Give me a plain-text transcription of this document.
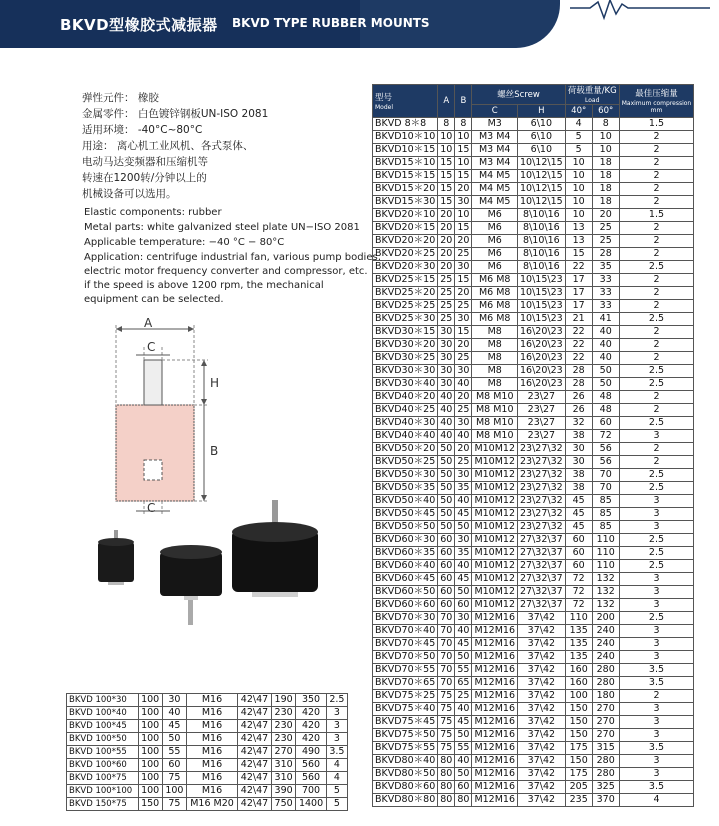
BKVD型橡胶式减振器 BKVD TYPE RUBBER MOUNTS
弹性元件： 橡胶
金属零件： 白色镀锌钢板UN-ISO 2081
适用环境： -40°C~80°C
用途： 离心机工业风机、各式泵体、
电动马达变频器和压缩机等
转速在1200转/分钟以上的
机械设备可以选用。
Elastic components: rubber
Metal parts: white galvanized steel plate UN−ISO 2081
Applicable temperature: −40 °C − 80°C
Application: centrifuge industrial fan, various pump bodies,
electric motor frequency converter and compressor, etc.
if the speed is above 1200 rpm, the mechanical
equipment can be selected.
A
C
H
B
C
型号
Model	A	B	螺丝Screw		荷载重量/KG
Load		最佳压缩量
Maximum compression
mm

			C	H	40°	60°	
BKVD 8＊8	8	8	M3	6\10	4	8	1.5
BKVD10＊10	10	10	M3 M4	6\10	5	10	2
BKVD10＊15	10	15	M3 M4	6\10	5	10	2
BKVD15＊10	15	10	M3 M4	10\12\15	10	18	2
BKVD15＊15	15	15	M4 M5	10\12\15	10	18	2
BKVD15＊20	15	20	M4 M5	10\12\15	10	18	2
BKVD15＊30	15	30	M4 M5	10\12\15	10	18	2
BKVD20＊10	20	10	M6	8\10\16	10	20	1.5
BKVD20＊15	20	15	M6	8\10\16	13	25	2
BKVD20＊20	20	20	M6	8\10\16	13	25	2
BKVD20＊25	20	25	M6	8\10\16	15	28	2
BKVD20＊30	20	30	M6	8\10\16	22	35	2.5
BKVD25＊15	25	15	M6 M8	10\15\23	17	33	2
BKVD25＊20	25	20	M6 M8	10\15\23	17	33	2
BKVD25＊25	25	25	M6 M8	10\15\23	17	33	2
BKVD25＊30	25	30	M6 M8	10\15\23	21	41	2.5
BKVD30＊15	30	15	M8	16\20\23	22	40	2
BKVD30＊20	30	20	M8	16\20\23	22	40	2
BKVD30＊25	30	25	M8	16\20\23	22	40	2
BKVD30＊30	30	30	M8	16\20\23	28	50	2.5
BKVD30＊40	30	40	M8	16\20\23	28	50	2.5
BKVD40＊20	40	20	M8 M10	23\27	26	48	2
BKVD40＊25	40	25	M8 M10	23\27	26	48	2
BKVD40＊30	40	30	M8 M10	23\27	32	60	2.5
BKVD40＊40	40	40	M8 M10	23\27	38	72	3
BKVD50＊20	50	20	M10M12	23\27\32	30	56	2
BKVD50＊25	50	25	M10M12	23\27\32	30	56	2
BKVD50＊30	50	30	M10M12	23\27\32	38	70	2.5
BKVD50＊35	50	35	M10M12	23\27\32	38	70	2.5
BKVD50＊40	50	40	M10M12	23\27\32	45	85	3
BKVD50＊45	50	45	M10M12	23\27\32	45	85	3
BKVD50＊50	50	50	M10M12	23\27\32	45	85	3
BKVD60＊30	60	30	M10M12	27\32\37	60	110	2.5
BKVD60＊35	60	35	M10M12	27\32\37	60	110	2.5
BKVD60＊40	60	40	M10M12	27\32\37	60	110	2.5
BKVD60＊45	60	45	M10M12	27\32\37	72	132	3
BKVD60＊50	60	50	M10M12	27\32\37	72	132	3
BKVD60＊60	60	60	M10M12	27\32\37	72	132	3
BKVD70＊30	70	30	M12M16	37\42	110	200	2.5
BKVD70＊40	70	40	M12M16	37\42	135	240	3
BKVD70＊45	70	45	M12M16	37\42	135	240	3
BKVD70＊50	70	50	M12M16	37\42	135	240	3
BKVD70＊55	70	55	M12M16	37\42	160	280	3.5
BKVD70＊65	70	65	M12M16	37\42	160	280	3.5
BKVD75＊25	75	25	M12M16	37\42	100	180	2
BKVD75＊40	75	40	M12M16	37\42	150	270	3
BKVD75＊45	75	45	M12M16	37\42	150	270	3
BKVD75＊50	75	50	M12M16	37\42	150	270	3
BKVD75＊55	75	55	M12M16	37\42	175	315	3.5
BKVD80＊40	80	40	M12M16	37\42	150	280	3
BKVD80＊50	80	50	M12M16	37\42	175	280	3
BKVD80＊60	80	60	M12M16	37\42	205	325	3.5
BKVD80＊80	80	80	M12M16	37\42	235	370	4
BKVD 100*30	100	30	M16	42\47	190	350	2.5
BKVD 100*40	100	40	M16	42\47	230	420	3
BKVD 100*45	100	45	M16	42\47	230	420	3
BKVD 100*50	100	50	M16	42\47	230	420	3
BKVD 100*55	100	55	M16	42\47	270	490	3.5
BKVD 100*60	100	60	M16	42\47	310	560	4
BKVD 100*75	100	75	M16	42\47	310	560	4
BKVD 100*100	100	100	M16	42\47	390	700	5
BKVD 150*75	150	75	M16 M20	42\47	750	1400	5
